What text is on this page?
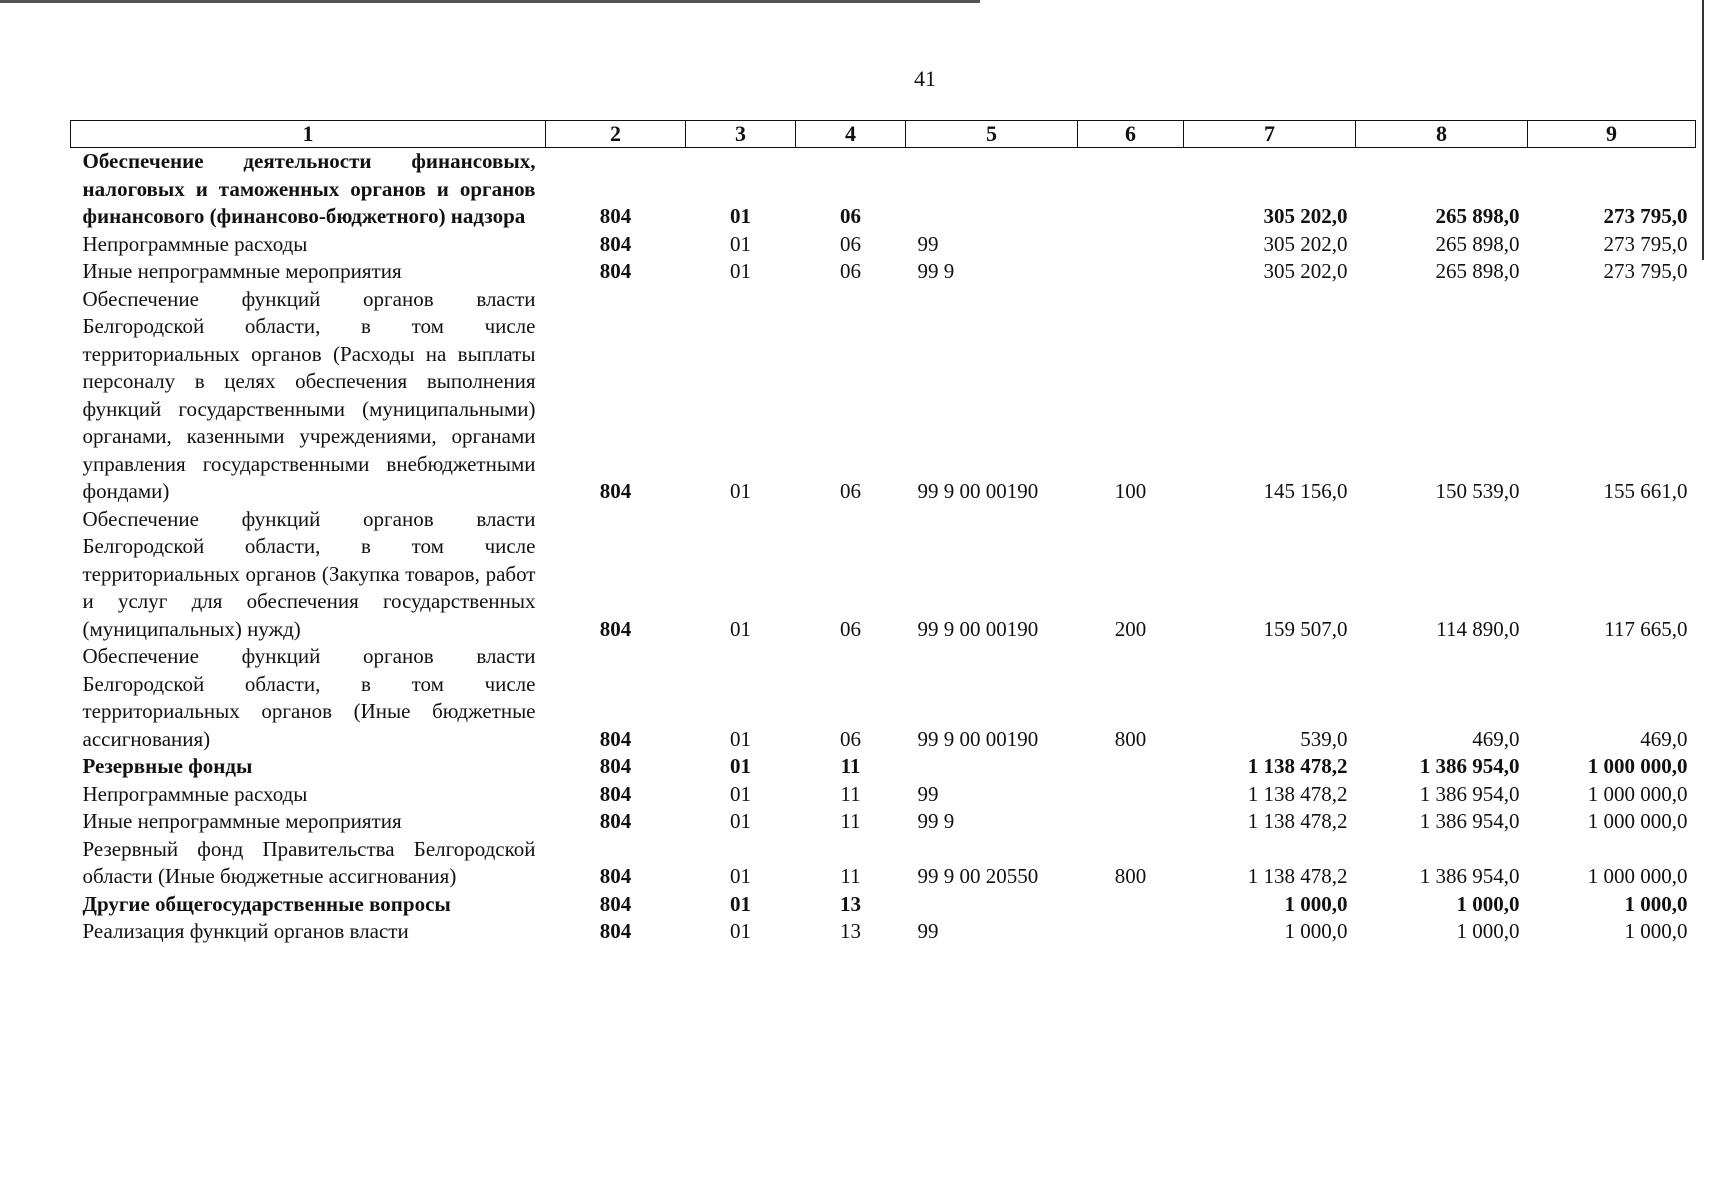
41
1	2	3	4	5	6	7	8	9
Обеспечение деятельности финансовых, налоговых и таможенных органов и органов финансового (финансово-бюджетного) надзора	804	01	06			305 202,0	265 898,0	273 795,0
Непрограммные расходы	804	01	06	99		305 202,0	265 898,0	273 795,0
Иные непрограммные мероприятия	804	01	06	99 9		305 202,0	265 898,0	273 795,0
Обеспечение функций органов власти Белгородской области, в том числе территориальных органов (Расходы на выплаты персоналу в целях обеспечения выполнения функций государственными (муниципальными) органами, казенными учреждениями, органами управления государственными внебюджетными фондами)	804	01	06	99 9 00 00190	100	145 156,0	150 539,0	155 661,0
Обеспечение функций органов власти Белгородской области, в том числе территориальных органов (Закупка товаров, работ и услуг для обеспечения государственных (муниципальных) нужд)	804	01	06	99 9 00 00190	200	159 507,0	114 890,0	117 665,0
Обеспечение функций органов власти Белгородской области, в том числе территориальных органов (Иные бюджетные ассигнования)	804	01	06	99 9 00 00190	800	539,0	469,0	469,0
Резервные фонды	804	01	11			1 138 478,2	1 386 954,0	1 000 000,0
Непрограммные расходы	804	01	11	99		1 138 478,2	1 386 954,0	1 000 000,0
Иные непрограммные мероприятия	804	01	11	99 9		1 138 478,2	1 386 954,0	1 000 000,0
Резервный фонд Правительства Белгородской области (Иные бюджетные ассигнования)	804	01	11	99 9 00 20550	800	1 138 478,2	1 386 954,0	1 000 000,0
Другие общегосударственные вопросы	804	01	13			1 000,0	1 000,0	1 000,0
Реализация функций органов власти	804	01	13	99		1 000,0	1 000,0	1 000,0
